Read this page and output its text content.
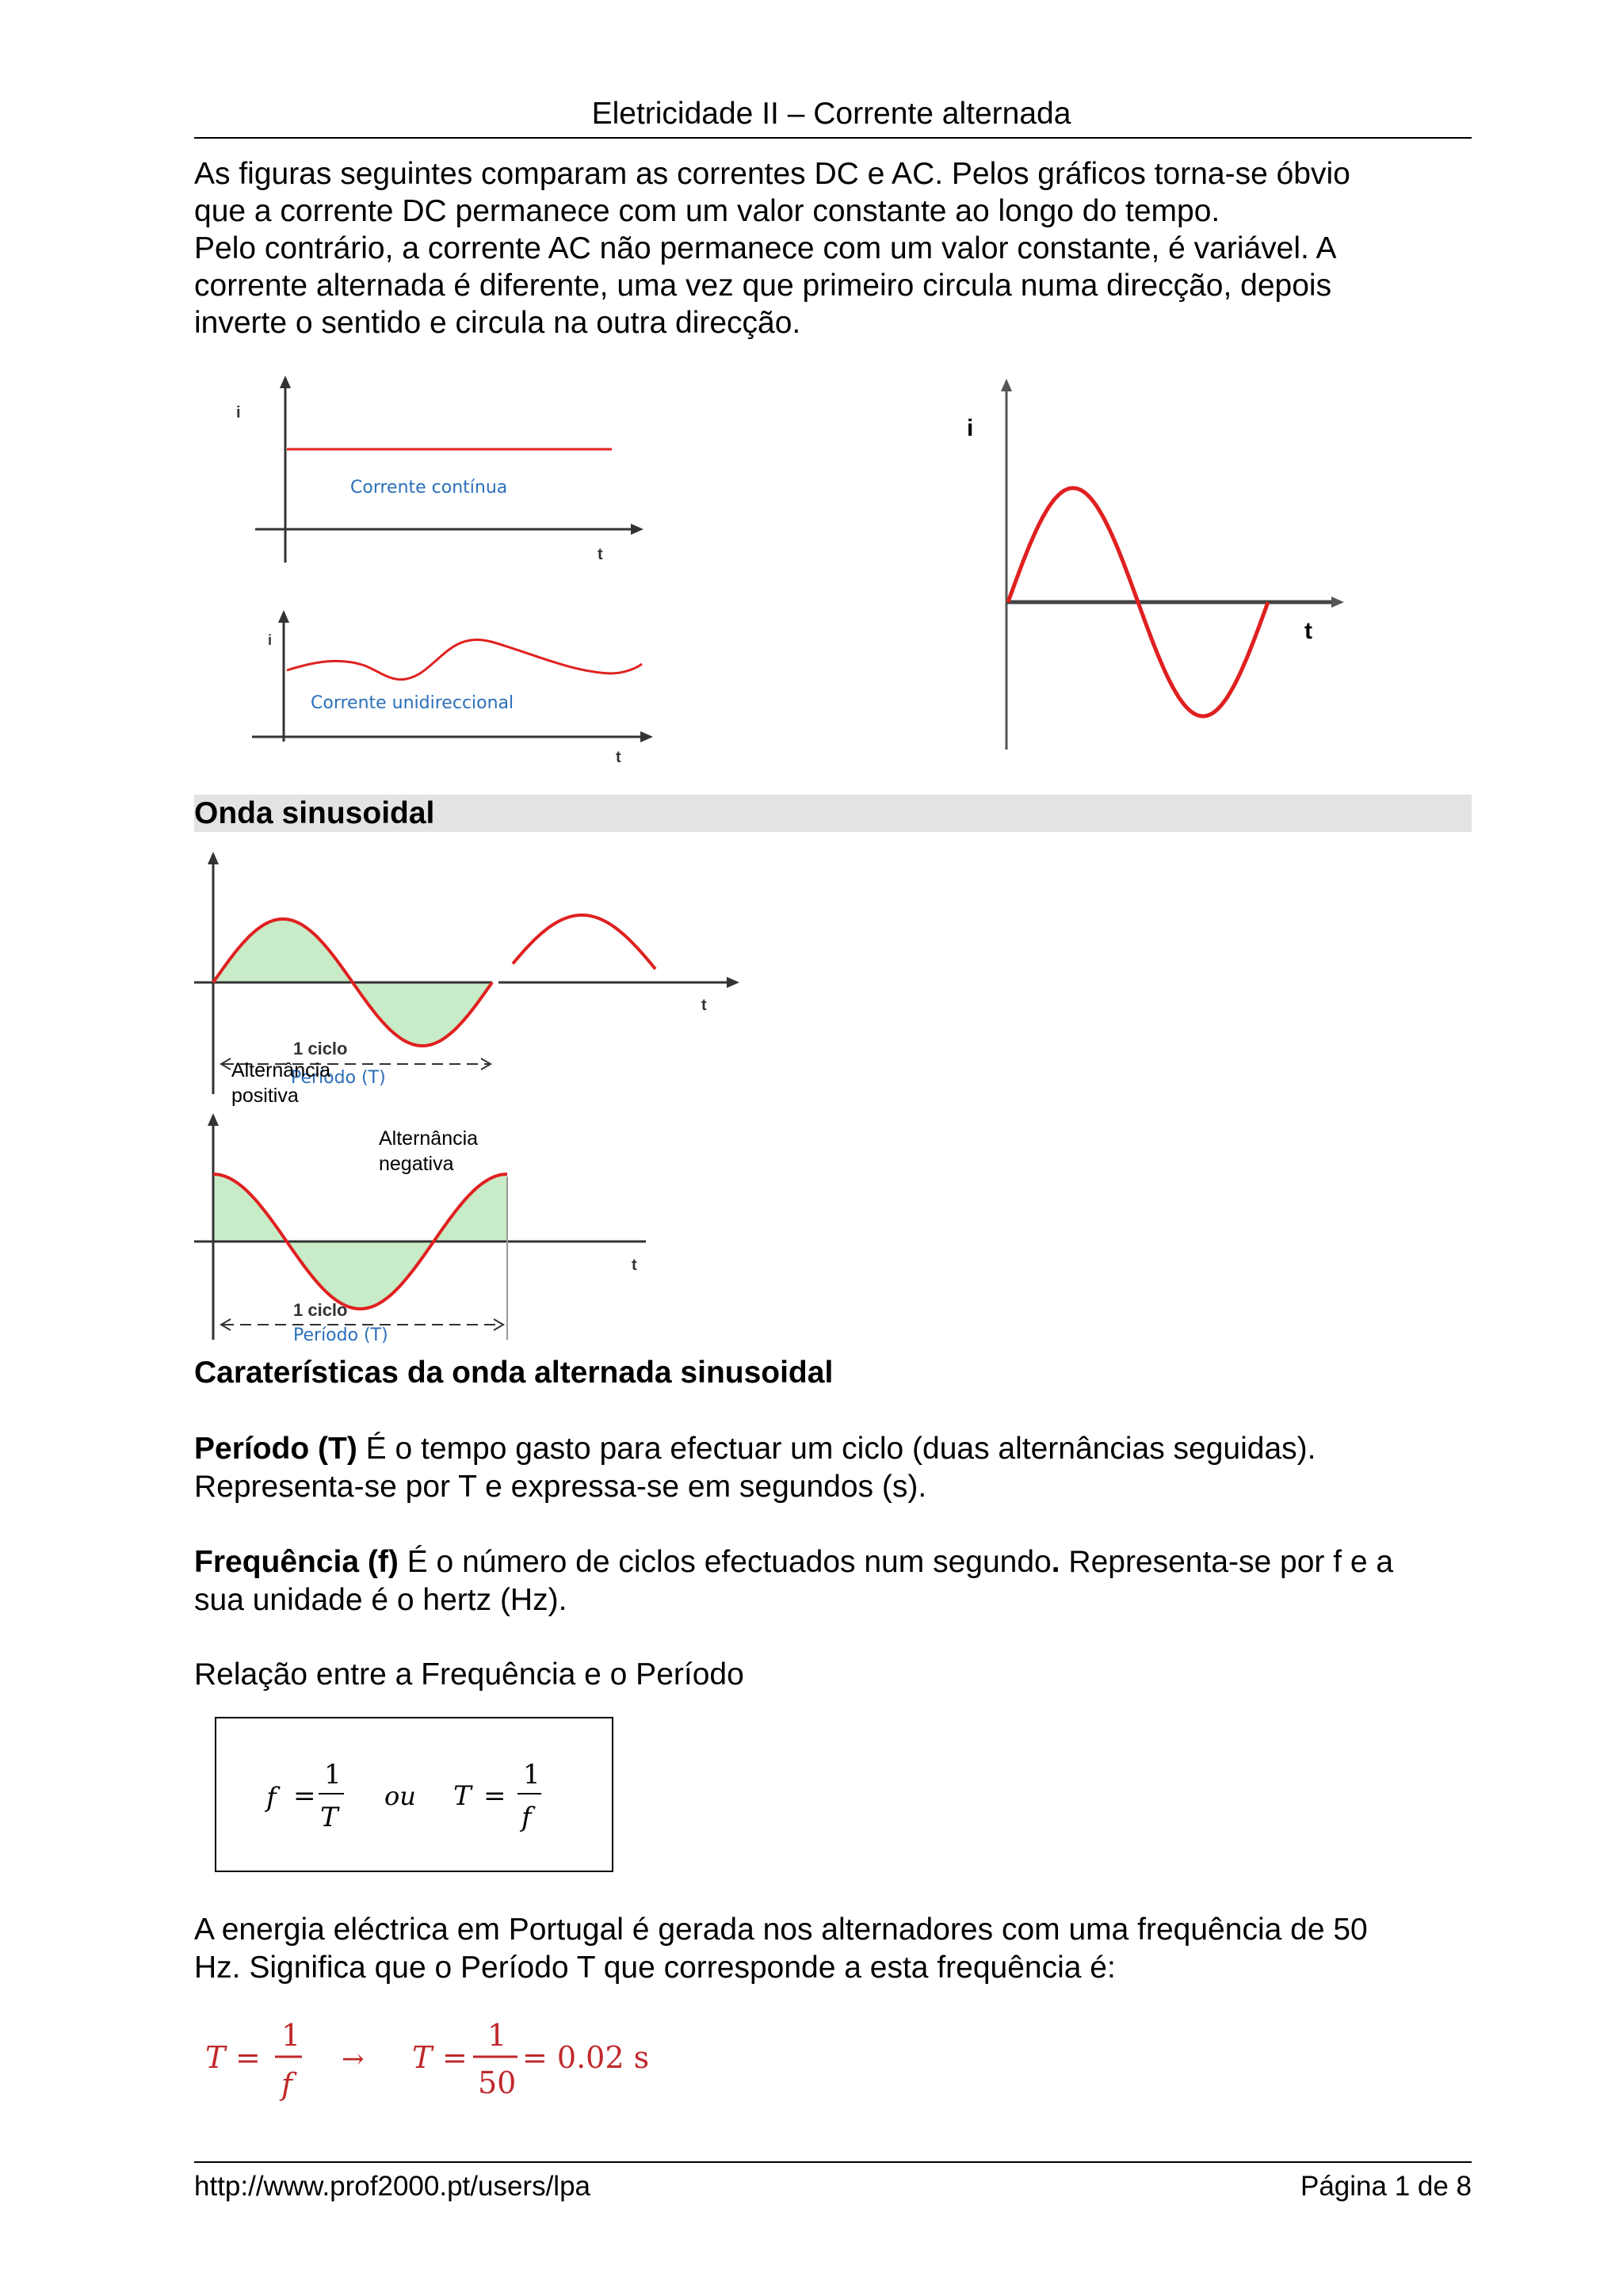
Eletricidade II – Corrente alternada

As figuras seguintes comparam as correntes DC e AC. Pelos gráficos torna-se óbvio

que a corrente DC permanece com um valor constante ao longo do tempo.

Pelo contrário, a corrente AC não permanece com um valor constante, é variável. A

corrente alternada é diferente, uma vez que primeiro circula numa direcção, depois

inverte o sentido e circula na outra direcção.

i
t
Corrente contínua
i
t
Corrente unidireccional
i
t
Onda sinusoidal
t
1 ciclo
Período (T)
Alternância
positiva
t
1 ciclo
Período (T)
Alternância
negativa
Caraterísticas da onda alternada sinusoidal
Período (T) É o tempo gasto para efectuar um ciclo (duas alternâncias seguidas).
Representa-se por T e expressa-se em segundos (s).
Frequência (f) É o número de ciclos efectuados num segundo. Representa-se por f e a
sua unidade é o hertz (Hz).
Relação entre a Frequência e o Período
f =
1
T
ou T =
1
f
A energia eléctrica em Portugal é gerada nos alternadores com uma frequência de 50
Hz. Significa que o Período T que corresponde a esta frequência é:
T =
1
f
→ T =
1
50
= 0.02 s
http://www.prof2000.pt/users/lpa	Página 1 de 8
